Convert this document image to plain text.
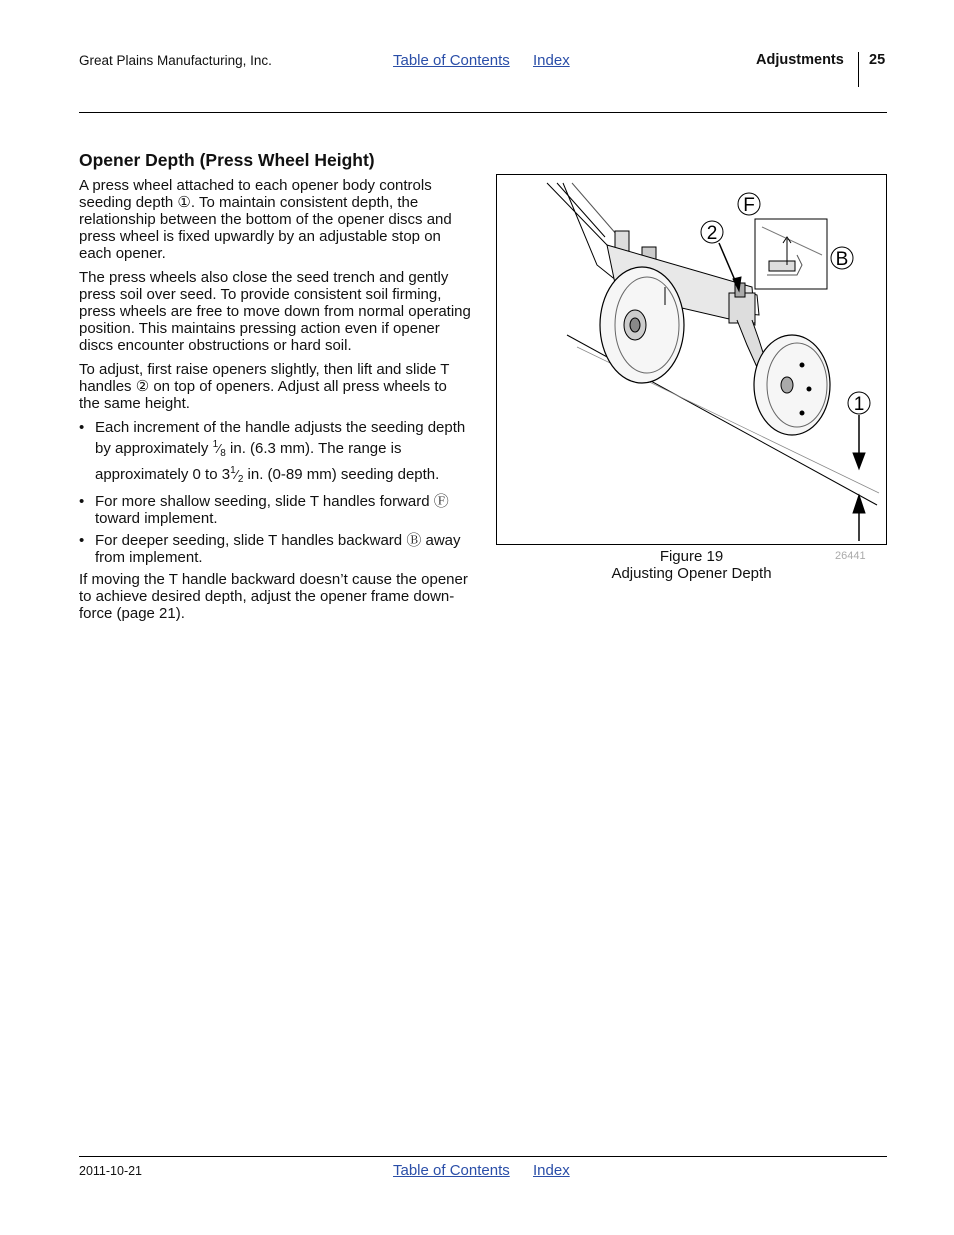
Great Plains Manufacturing, Inc.	Table of Contents Index	Adjustments 25
Opener Depth (Press Wheel Height)

A press wheel attached to each opener body controls seeding depth ①. To maintain consistent depth, the relationship between the bottom of the opener discs and press wheel is fixed upwardly by an adjustable stop on each opener.

The press wheels also close the seed trench and gently press soil over seed. To provide consistent soil firming, press wheels are free to move down from normal operating position. This maintains pressing action even if opener discs encounter obstructions or hard soil.

To adjust, first raise openers slightly, then lift and slide T handles ② on top of openers. Adjust all press wheels to the same height.

• Each increment of the handle adjusts the seeding depth by approximately $^1⁄_8$ in. (6.3 mm). The range is approximately 0 to $3^1⁄_2$ in. (0-89 mm) seeding depth.
• For more shallow seeding, slide T handles forward Ⓕ toward implement.
• For deeper seeding, slide T handles backward Ⓑ away from implement.

If moving the T handle backward doesn’t cause the opener to achieve desired depth, adjust the opener frame down-force (page 21).

F
2
B
1
Figure 19
Adjusting Opener Depth
26441
2011-10-21	Table of Contents Index
